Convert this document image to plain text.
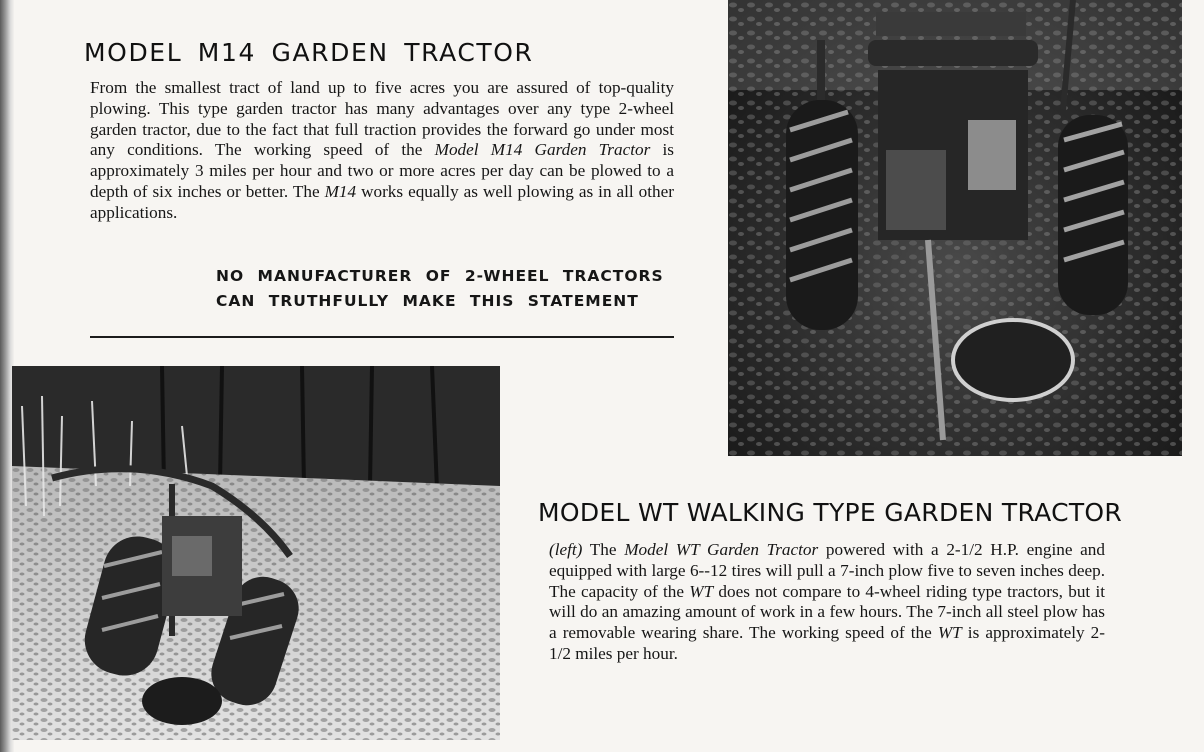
MODEL M14 GARDEN TRACTOR

From the smallest tract of land up to five acres you are assured of top-quality plowing. This type garden tractor has many advantages over any type 2-wheel garden tractor, due to the fact that full traction provides the forward go under most any conditions. The working speed of the Model M14 Garden Tractor is approximately 3 miles per hour and two or more acres per day can be plowed to a depth of six inches or better. The M14 works equally as well plowing as in all other applications.

NO MANUFACTURER OF 2-WHEEL TRACTORS
CAN TRUTHFULLY MAKE THIS STATEMENT
MODEL WT WALKING TYPE GARDEN TRACTOR

(left) The Model WT Garden Tractor powered with a 2-1/2 H.P. engine and equipped with large 6--12 tires will pull a 7-inch plow five to seven inches deep. The capacity of the WT does not compare to 4-wheel riding type tractors, but it will do an amazing amount of work in a few hours. The 7-inch all steel plow has a removable wearing share. The working speed of the WT is approximately 2-1/2 miles per hour.
